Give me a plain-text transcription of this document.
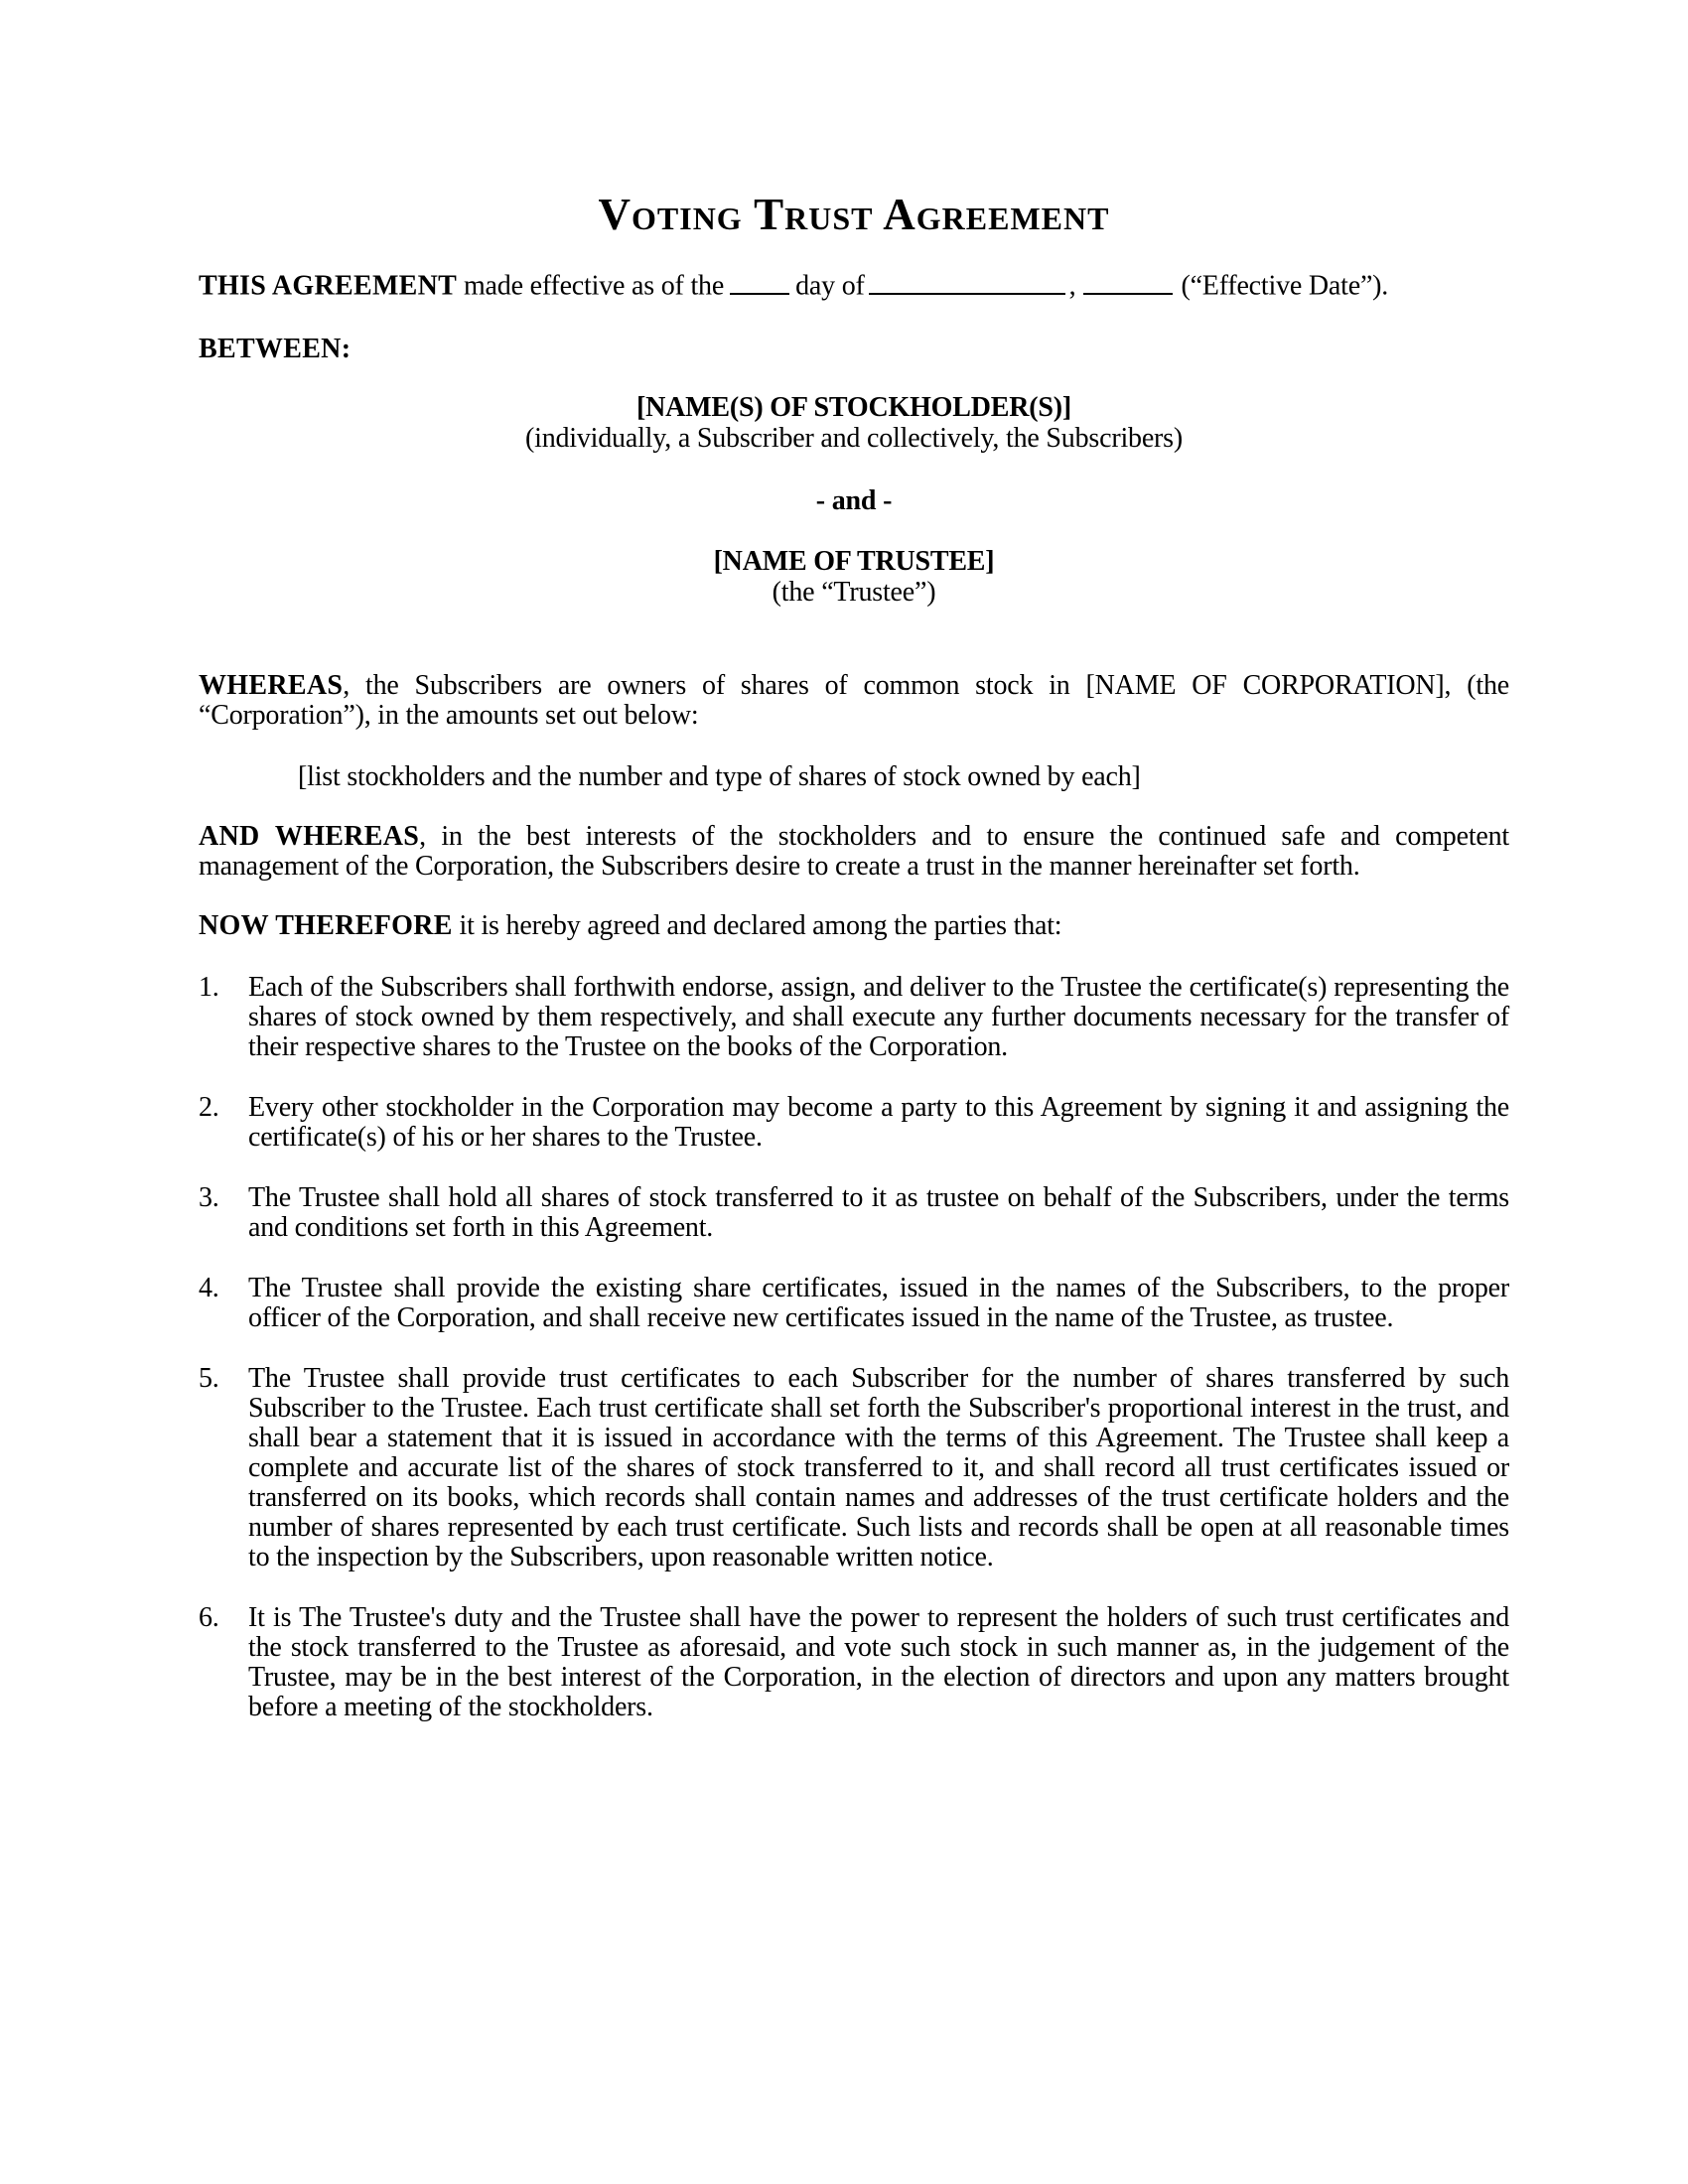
Voting Trust Agreement

THIS AGREEMENT made effective as of the	day of	,	(“Effective Date”).

BETWEEN:

[NAME(S) OF STOCKHOLDER(S)]
(individually, a Subscriber and collectively, the Subscribers)
- and -
[NAME OF TRUSTEE]
(the “Trustee”)

WHEREAS, the Subscribers are owners of shares of common stock in [NAME OF CORPORATION], (the “Corporation”), in the amounts set out below:

[list stockholders and the number and type of shares of stock owned by each]

AND WHEREAS, in the best interests of the stockholders and to ensure the continued safe and competent management of the Corporation, the Subscribers desire to create a trust in the manner hereinafter set forth.

NOW THEREFORE it is hereby agreed and declared among the parties that:

1.	Each of the Subscribers shall forthwith endorse, assign, and deliver to the Trustee the certificate(s) representing the shares of stock owned by them respectively, and shall execute any further documents necessary for the transfer of their respective shares to the Trustee on the books of the Corporation.
2.	Every other stockholder in the Corporation may become a party to this Agreement by signing it and assigning the certificate(s) of his or her shares to the Trustee.
3.	The Trustee shall hold all shares of stock transferred to it as trustee on behalf of the Subscribers, under the terms and conditions set forth in this Agreement.
4.	The Trustee shall provide the existing share certificates, issued in the names of the Subscribers, to the proper officer of the Corporation, and shall receive new certificates issued in the name of the Trustee, as trustee.
5.	The Trustee shall provide trust certificates to each Subscriber for the number of shares transferred by such Subscriber to the Trustee. Each trust certificate shall set forth the Subscriber's proportional interest in the trust, and shall bear a statement that it is issued in accordance with the terms of this Agreement. The Trustee shall keep a complete and accurate list of the shares of stock transferred to it, and shall record all trust certificates issued or transferred on its books, which records shall contain names and addresses of the trust certificate holders and the number of shares represented by each trust certificate. Such lists and records shall be open at all reasonable times to the inspection by the Subscribers, upon reasonable written notice.
6.	It is The Trustee's duty and the Trustee shall have the power to represent the holders of such trust certificates and the stock transferred to the Trustee as aforesaid, and vote such stock in such manner as, in the judgement of the Trustee, may be in the best interest of the Corporation, in the election of directors and upon any matters brought before a meeting of the stockholders.
